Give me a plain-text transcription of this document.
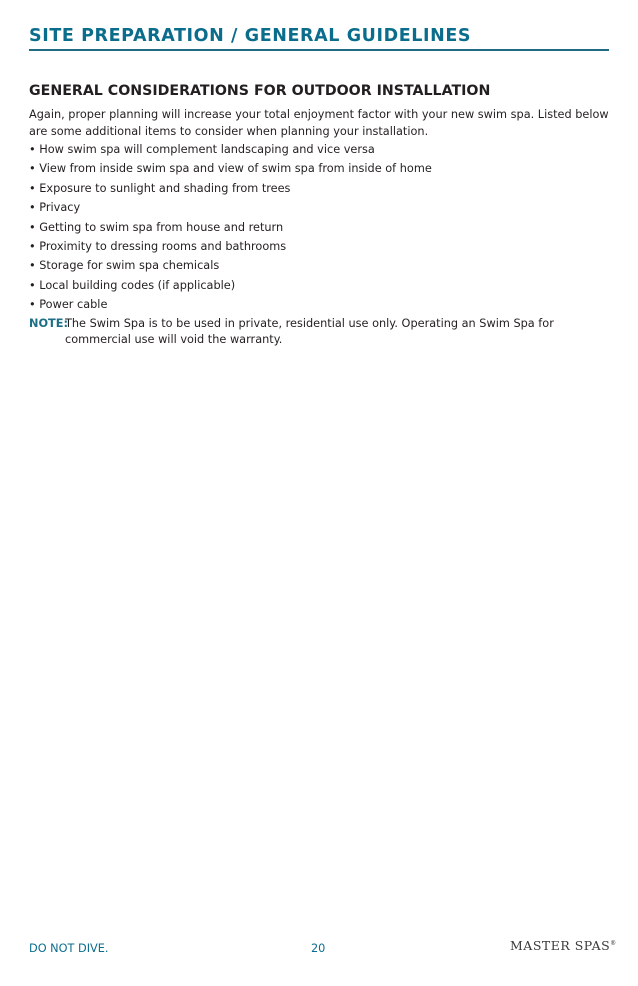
SITE PREPARATION / GENERAL GUIDELINES
GENERAL CONSIDERATIONS FOR OUTDOOR INSTALLATION
Again, proper planning will increase your total enjoyment factor with your new swim spa. Listed below are some additional items to consider when planning your installation.
• How swim spa will complement landscaping and vice versa
• View from inside swim spa and view of swim spa from inside of home
• Exposure to sunlight and shading from trees
• Privacy
• Getting to swim spa from house and return
• Proximity to dressing rooms and bathrooms
• Storage for swim spa chemicals
• Local building codes (if applicable)
• Power cable
NOTE:
The Swim Spa is to be used in private, residential use only. Operating an Swim Spa for commercial use will void the warranty.
DO NOT DIVE.	20	MASTER SPAS®
